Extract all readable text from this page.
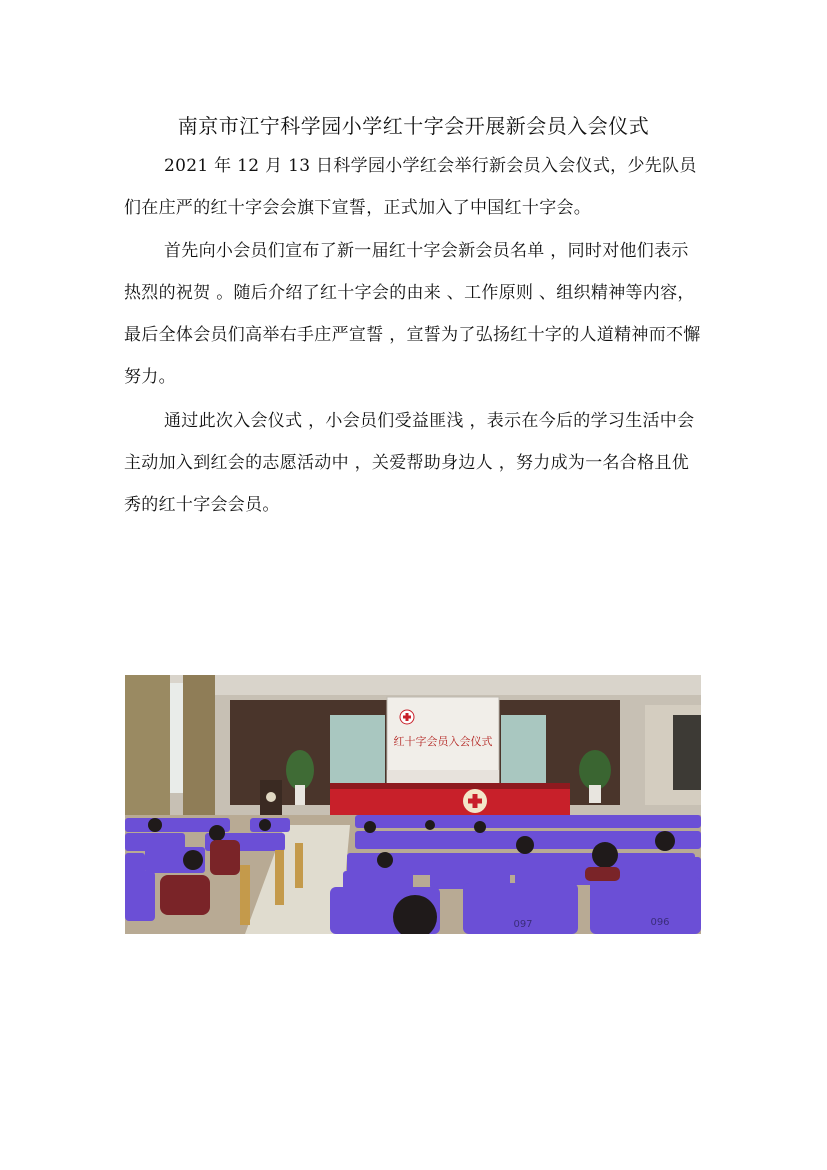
南京市江宁科学园小学红十字会开展新会员入会仪式

2021 年 12 月 13 日科学园小学红会举行新会员入会仪式，少先队员们在庄严的红十字会会旗下宣誓，正式加入了中国红十字会。

首先向小会员们宣布了新一届红十字会新会员名单 ，同时对他们表示热烈的祝贺 。随后介绍了红十字会的由来 、工作原则 、组织精神等内容，最后全体会员们高举右手庄严宣誓 ，宣誓为了弘扬红十字的人道精神而不懈努力。

通过此次入会仪式 ，小会员们受益匪浅 ，表示在今后的学习生活中会主动加入到红会的志愿活动中 ，关爱帮助身边人 ，努力成为一名合格且优秀的红十字会会员。

红十字会员入会仪式
097	096
